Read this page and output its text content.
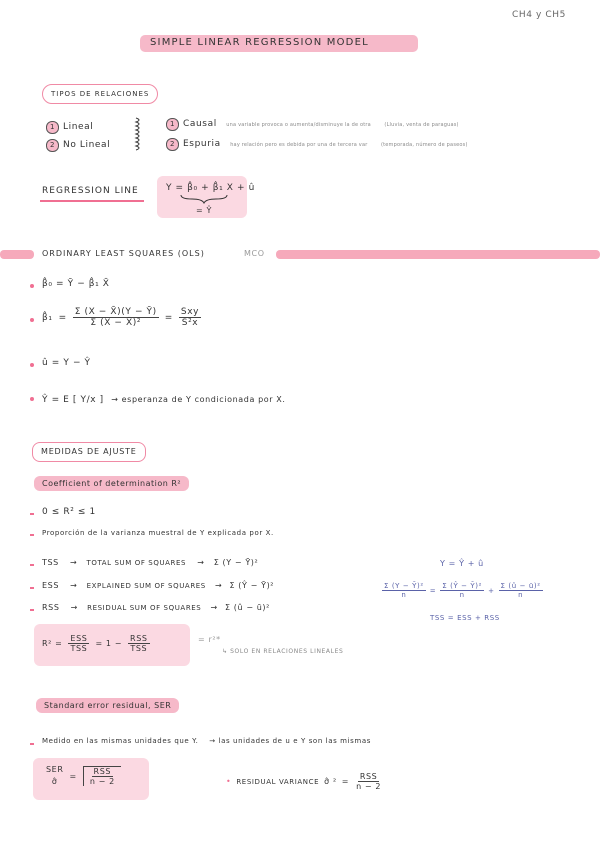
CH4 y CH5
SIMPLE LINEAR REGRESSION MODEL
TIPOS DE RELACIONES
1 Lineal
2 No Lineal
1 Causal una variable provoca o aumenta/disminuye la de otra	(Lluvia, venta de paraguas)
2 Espuria hay relación pero es debida por una de tercera var	(temporada, número de paseos)
REGRESSION LINE	Y = β̂₀ + β̂₁ X + û
= Ŷ
ORDINARY LEAST SQUARES (OLS)	MCO
β̂₀ = Ȳ − β̂₁ X̄
β̂₁ = $\frac{\Sigma (X - X̄)(Y - Ȳ)}{\text{Σ (X − X̄)²}} = \frac{\text{Sxy}}{\text{S²x}}$
û = Y − Ŷ
Ŷ = E [ Y/x ] → esperanza de Y condicionada por X.
MEDIDAS DE AJUSTE
Coefficient of determination R²
0 ≤ R² ≤ 1
Proporción de la varianza muestral de Y explicada por X.
TSS → TOTAL SUM OF SQUARES → Σ (Y − Ȳ)²
ESS → EXPLAINED SUM OF SQUARES → Σ (Ŷ − Ȳ)²
RSS → RESIDUAL SUM OF SQUARES → Σ (û − ū)²
Y = Ŷ + û
$\frac{\text{Σ (Y − Ȳ)²}}{n} = \frac{\text{Σ (Ŷ − Ȳ)²}}{n} + \frac{\text{Σ (û − ū)²}}{n}$
TSS = ESS + RSS
$R^2 = \frac{\text{ESS}}{\text{TSS}} = 1 - \frac{\text{RSS}}{\text{TSS}}$	= r²*
↳ SOLO EN RELACIONES LINEALES
Standard error residual, SER
Medido en las mismas unidades que Y. → las unidades de u e Y son las mismas
SER
σ̂
= $\frac{\text{RSS}}{n - 2}$	• RESIDUAL VARIANCE σ̂ $^2 = \frac{\text{RSS}}{n - 2}$
